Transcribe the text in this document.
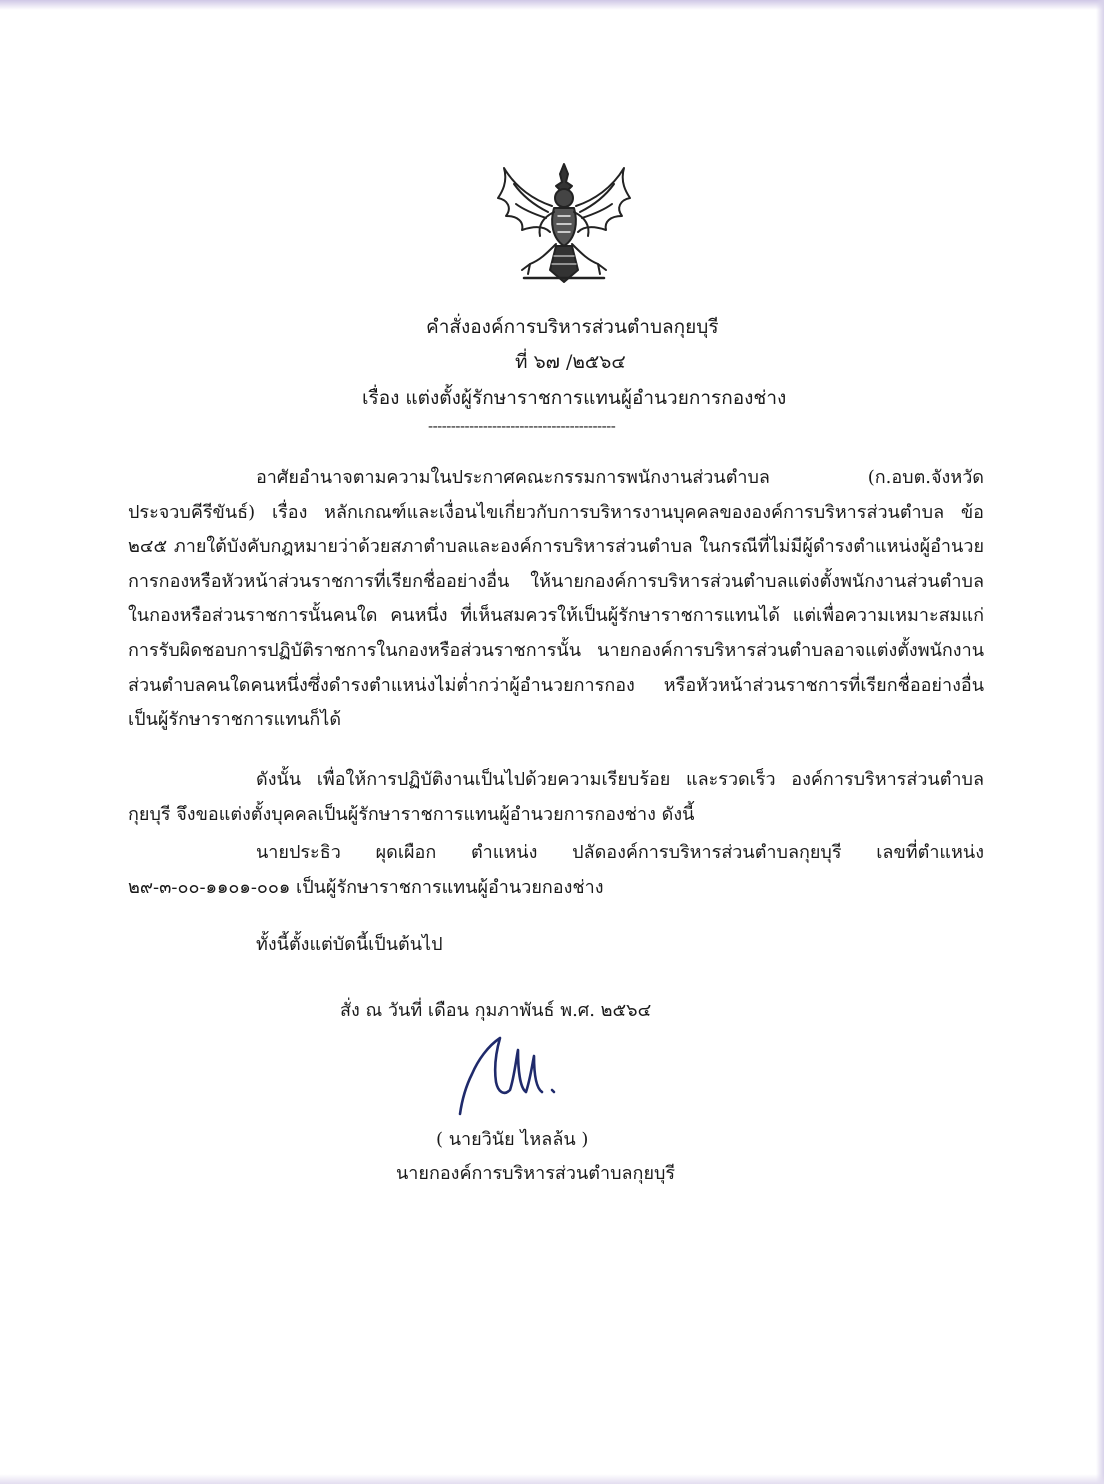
คำสั่งองค์การบริหารส่วนตำบลกุยบุรี

ที่ ๖๗ /๒๕๖๔

เรื่อง แต่งตั้งผู้รักษาราชการแทนผู้อำนวยการกองช่าง

-----------------------------------------

อาศัยอำนาจตามความในประกาศคณะกรรมการพนักงานส่วนตำบล (ก.อบต.จังหวัดประจวบคีรีขันธ์) เรื่อง หลักเกณฑ์และเงื่อนไขเกี่ยวกับการบริหารงานบุคคลขององค์การบริหารส่วนตำบล ข้อ ๒๔๕ ภายใต้บังคับกฎหมายว่าด้วยสภาตำบลและองค์การบริหารส่วนตำบล ในกรณีที่ไม่มีผู้ดำรงตำแหน่งผู้อำนวยการกองหรือหัวหน้าส่วนราชการที่เรียกชื่ออย่างอื่น ให้นายกองค์การบริหารส่วนตำบลแต่งตั้งพนักงานส่วนตำบลในกองหรือส่วนราชการนั้นคนใด คนหนึ่ง ที่เห็นสมควรให้เป็นผู้รักษาราชการแทนได้ แต่เพื่อความเหมาะสมแก่การรับผิดชอบการปฏิบัติราชการในกองหรือส่วนราชการนั้น นายกองค์การบริหารส่วนตำบลอาจแต่งตั้งพนักงานส่วนตำบลคนใดคนหนึ่งซึ่งดำรงตำแหน่งไม่ต่ำกว่าผู้อำนวยการกอง หรือหัวหน้าส่วนราชการที่เรียกชื่ออย่างอื่นเป็นผู้รักษาราชการแทนก็ได้

ดังนั้น เพื่อให้การปฏิบัติงานเป็นไปด้วยความเรียบร้อย และรวดเร็ว องค์การบริหารส่วนตำบลกุยบุรี จึงขอแต่งตั้งบุคคลเป็นผู้รักษาราชการแทนผู้อำนวยการกองช่าง ดังนี้

นายประธิว ผุดเผือก ตำแหน่ง ปลัดองค์การบริหารส่วนตำบลกุยบุรี เลขที่ตำแหน่ง ๒๙-๓-๐๐-๑๑๐๑-๐๐๑ เป็นผู้รักษาราชการแทนผู้อำนวยกองช่าง

ทั้งนี้ตั้งแต่บัดนี้เป็นต้นไป

สั่ง ณ วันที่ เดือน กุมภาพันธ์ พ.ศ. ๒๕๖๔

( นายวินัย ไหลล้น )

นายกองค์การบริหารส่วนตำบลกุยบุรี
